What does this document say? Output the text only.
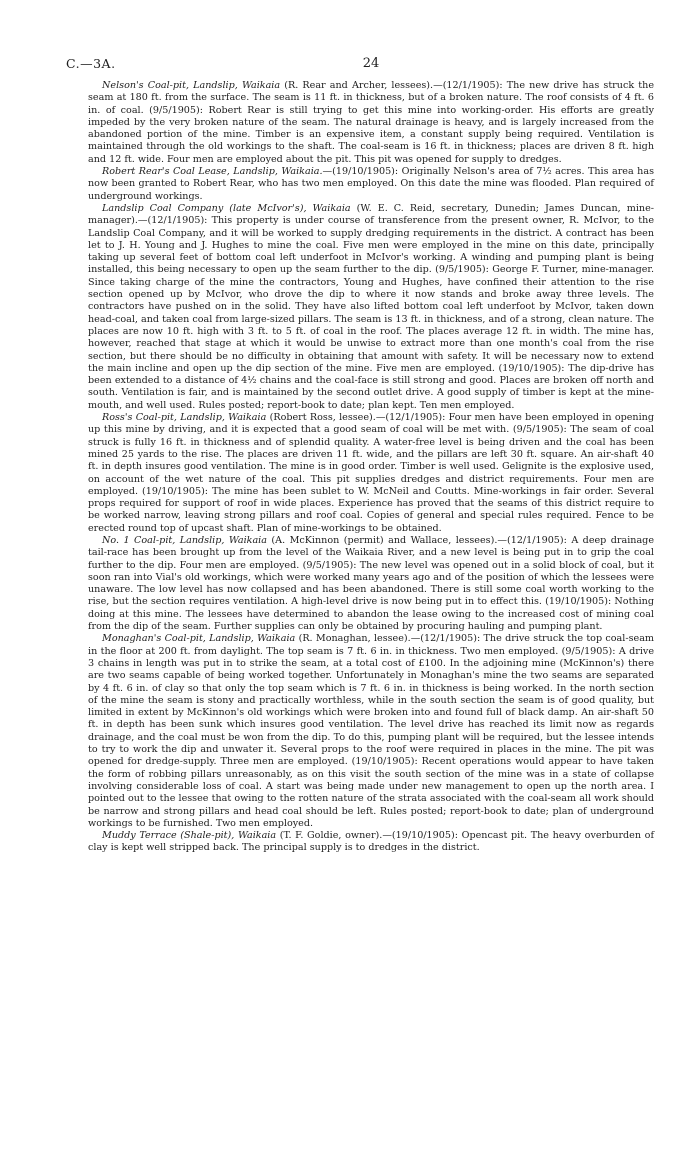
C.—3A.	24

Nelson's Coal-pit, Landslip, Waikaia (R. Rear and Archer, lessees).—(12/1/1905): The new drive has struck the seam at 180 ft. from the surface. The seam is 11 ft. in thickness, but of a broken nature. The roof consists of 4 ft. 6 in. of coal. (9/5/1905): Robert Rear is still trying to get this mine into working-order. His efforts are greatly impeded by the very broken nature of the seam. The natural drainage is heavy, and is largely increased from the abandoned portion of the mine. Timber is an expensive item, a constant supply being required. Ventilation is maintained through the old workings to the shaft. The coal-seam is 16 ft. in thickness; places are driven 8 ft. high and 12 ft. wide. Four men are employed about the pit. This pit was opened for supply to dredges.

Robert Rear's Coal Lease, Landslip, Waikaia.—(19/10/1905): Originally Nelson's area of 7½ acres. This area has now been granted to Robert Rear, who has two men employed. On this date the mine was flooded. Plan required of underground workings.

Landslip Coal Company (late McIvor's), Waikaia (W. E. C. Reid, secretary, Dunedin; James Duncan, mine-manager).—(12/1/1905): This property is under course of transference from the present owner, R. McIvor, to the Landslip Coal Company, and it will be worked to supply dredging requirements in the district. A contract has been let to J. H. Young and J. Hughes to mine the coal. Five men were employed in the mine on this date, principally taking up several feet of bottom coal left underfoot in McIvor's working. A winding and pumping plant is being installed, this being necessary to open up the seam further to the dip. (9/5/1905): George F. Turner, mine-manager. Since taking charge of the mine the contractors, Young and Hughes, have confined their attention to the rise section opened up by McIvor, who drove the dip to where it now stands and broke away three levels. The contractors have pushed on in the solid. They have also lifted bottom coal left underfoot by McIvor, taken down head-coal, and taken coal from large-sized pillars. The seam is 13 ft. in thickness, and of a strong, clean nature. The places are now 10 ft. high with 3 ft. to 5 ft. of coal in the roof. The places average 12 ft. in width. The mine has, however, reached that stage at which it would be unwise to extract more than one month's coal from the rise section, but there should be no difficulty in obtaining that amount with safety. It will be necessary now to extend the main incline and open up the dip section of the mine. Five men are employed. (19/10/1905): The dip-drive has been extended to a distance of 4½ chains and the coal-face is still strong and good. Places are broken off north and south. Ventilation is fair, and is maintained by the second outlet drive. A good supply of timber is kept at the mine-mouth, and well used. Rules posted; report-book to date; plan kept. Ten men employed.

Ross's Coal-pit, Landslip, Waikaia (Robert Ross, lessee).—(12/1/1905): Four men have been employed in opening up this mine by driving, and it is expected that a good seam of coal will be met with. (9/5/1905): The seam of coal struck is fully 16 ft. in thickness and of splendid quality. A water-free level is being driven and the coal has been mined 25 yards to the rise. The places are driven 11 ft. wide, and the pillars are left 30 ft. square. An air-shaft 40 ft. in depth insures good ventilation. The mine is in good order. Timber is well used. Gelignite is the explosive used, on account of the wet nature of the coal. This pit supplies dredges and district requirements. Four men are employed. (19/10/1905): The mine has been sublet to W. McNeil and Coutts. Mine-workings in fair order. Several props required for support of roof in wide places. Experience has proved that the seams of this district require to be worked narrow, leaving strong pillars and roof coal. Copies of general and special rules required. Fence to be erected round top of upcast shaft. Plan of mine-workings to be obtained.

No. 1 Coal-pit, Landslip, Waikaia (A. McKinnon (permit) and Wallace, lessees).—(12/1/1905): A deep drainage tail-race has been brought up from the level of the Waikaia River, and a new level is being put in to grip the coal further to the dip. Four men are employed. (9/5/1905): The new level was opened out in a solid block of coal, but it soon ran into Vial's old workings, which were worked many years ago and of the position of which the lessees were unaware. The low level has now collapsed and has been abandoned. There is still some coal worth working to the rise, but the section requires ventilation. A high-level drive is now being put in to effect this. (19/10/1905): Nothing doing at this mine. The lessees have determined to abandon the lease owing to the increased cost of mining coal from the dip of the seam. Further supplies can only be obtained by procuring hauling and pumping plant.

Monaghan's Coal-pit, Landslip, Waikaia (R. Monaghan, lessee).—(12/1/1905): The drive struck the top coal-seam in the floor at 200 ft. from daylight. The top seam is 7 ft. 6 in. in thickness. Two men employed. (9/5/1905): A drive 3 chains in length was put in to strike the seam, at a total cost of £100. In the adjoining mine (McKinnon's) there are two seams capable of being worked together. Unfortunately in Monaghan's mine the two seams are separated by 4 ft. 6 in. of clay so that only the top seam which is 7 ft. 6 in. in thickness is being worked. In the north section of the mine the seam is stony and practically worthless, while in the south section the seam is of good quality, but limited in extent by McKinnon's old workings which were broken into and found full of black damp. An air-shaft 50 ft. in depth has been sunk which insures good ventilation. The level drive has reached its limit now as regards drainage, and the coal must be won from the dip. To do this, pumping plant will be required, but the lessee intends to try to work the dip and unwater it. Several props to the roof were required in places in the mine. The pit was opened for dredge-supply. Three men are employed. (19/10/1905): Recent operations would appear to have taken the form of robbing pillars unreasonably, as on this visit the south section of the mine was in a state of collapse involving considerable loss of coal. A start was being made under new management to open up the north area. I pointed out to the lessee that owing to the rotten nature of the strata associated with the coal-seam all work should be narrow and strong pillars and head coal should be left. Rules posted; report-book to date; plan of underground workings to be furnished. Two men employed.

Muddy Terrace (Shale-pit), Waikaia (T. F. Goldie, owner).—(19/10/1905): Opencast pit. The heavy overburden of clay is kept well stripped back. The principal supply is to dredges in the district.
